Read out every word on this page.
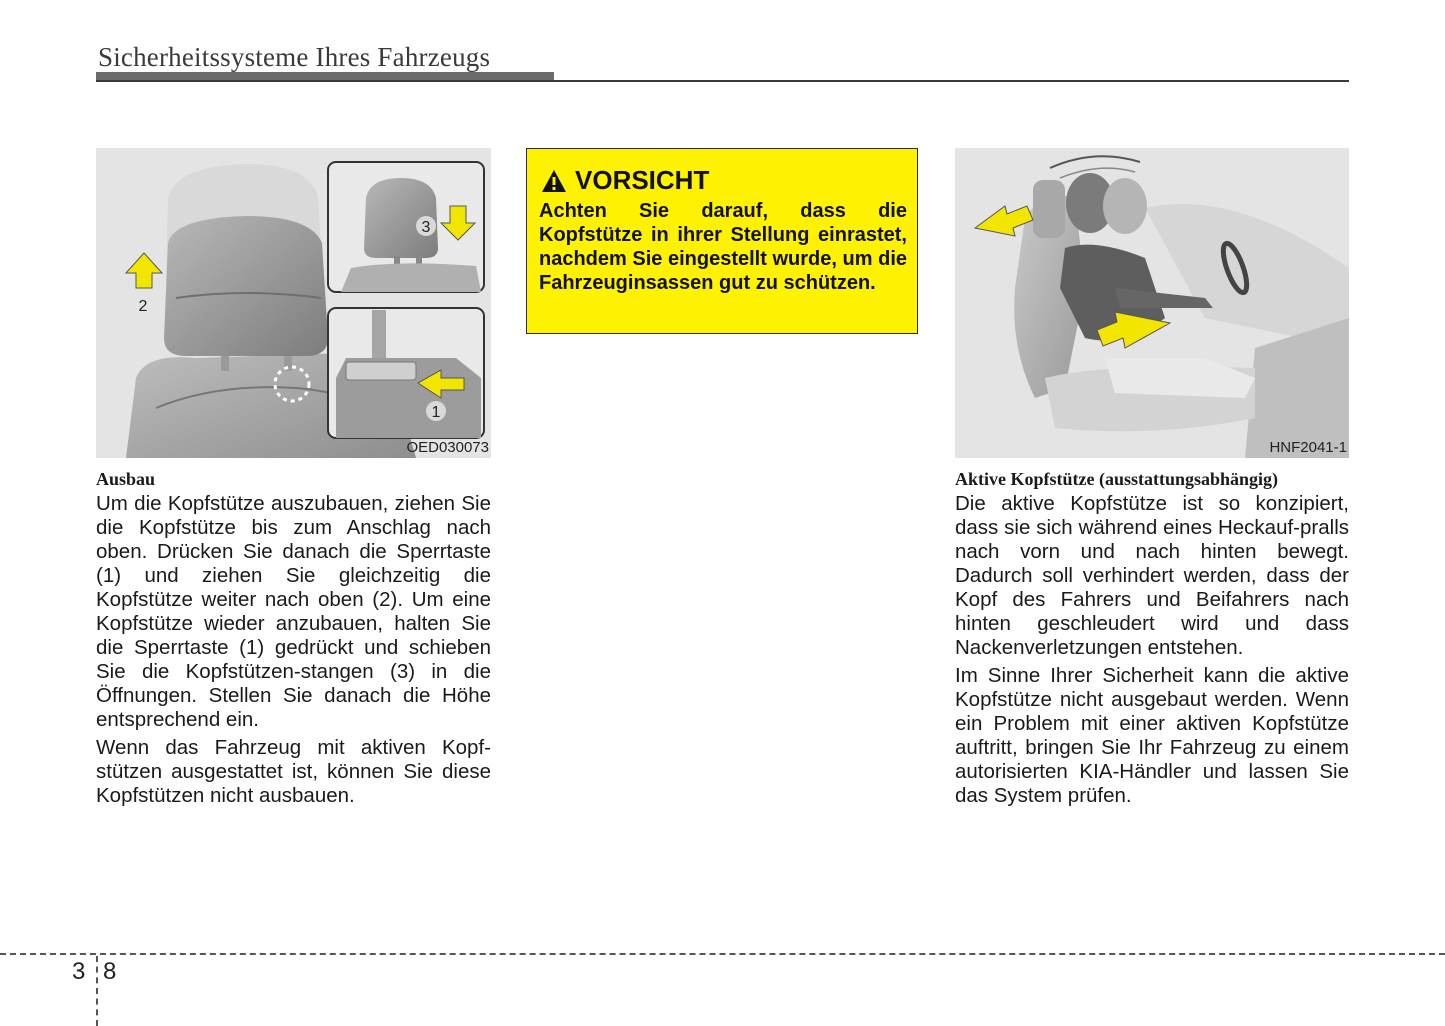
Sicherheitssysteme Ihres Fahrzeugs
2
3
1
OED030073
VORSICHT
Achten Sie darauf, dass die Kopfstütze in ihrer Stellung einrastet, nachdem Sie eingestellt wurde, um die Fahrzeuginsassen gut zu schützen.
HNF2041-1
Ausbau

Um die Kopfstütze auszubauen, ziehen Sie die Kopfstütze bis zum Anschlag nach oben. Drücken Sie danach die Sperrtaste (1) und ziehen Sie gleichzeitig die Kopfstütze weiter nach oben (2). Um eine Kopfstütze wieder anzubauen, halten Sie die Sperrtaste (1) gedrückt und schieben Sie die Kopfstützen-stangen (3) in die Öffnungen. Stellen Sie danach die Höhe entsprechend ein.

Wenn das Fahrzeug mit aktiven Kopf-stützen ausgestattet ist, können Sie diese Kopfstützen nicht ausbauen.

Aktive Kopfstütze (ausstattungsabhängig)

Die aktive Kopfstütze ist so konzipiert, dass sie sich während eines Heckauf-pralls nach vorn und nach hinten bewegt. Dadurch soll verhindert werden, dass der Kopf des Fahrers und Beifahrers nach hinten geschleudert wird und dass Nackenverletzungen entstehen.

Im Sinne Ihrer Sicherheit kann die aktive Kopfstütze nicht ausgebaut werden. Wenn ein Problem mit einer aktiven Kopfstütze auftritt, bringen Sie Ihr Fahrzeug zu einem autorisierten KIA-Händler und lassen Sie das System prüfen.

3 8
